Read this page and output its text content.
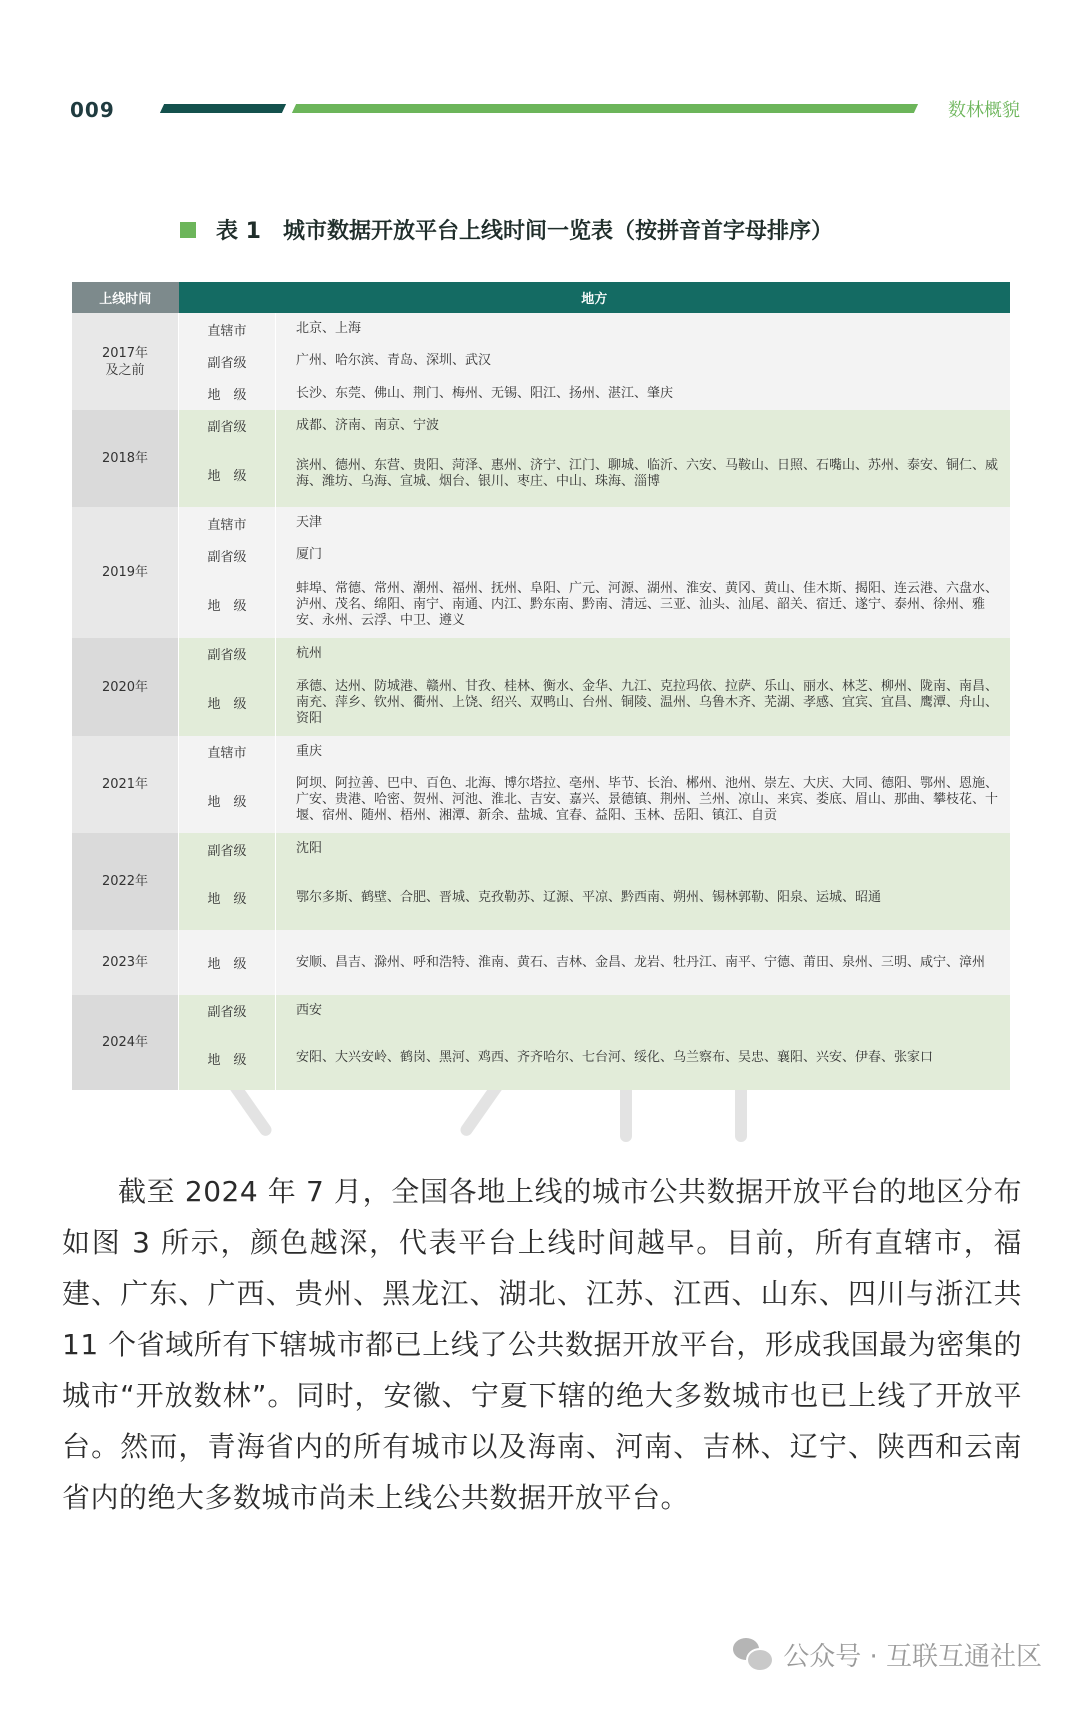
009	数林概貌
表 1 城市数据开放平台上线时间一览表（按拼音首字母排序）
上线时间	地方	

2017年
及之前	直辖市	北京、上海
	副省级	广州、哈尔滨、青岛、深圳、武汉
	地　级	长沙、东莞、佛山、荆门、梅州、无锡、阳江、扬州、湛江、肇庆
2018年	副省级	成都、济南、南京、宁波
	地　级	滨州、德州、东营、贵阳、菏泽、惠州、济宁、江门、聊城、临沂、六安、马鞍山、日照、石嘴山、苏州、泰安、铜仁、威海、潍坊、乌海、宣城、烟台、银川、枣庄、中山、珠海、淄博
2019年	直辖市	天津
	副省级	厦门
	地　级	蚌埠、常德、常州、潮州、福州、抚州、阜阳、广元、河源、湖州、淮安、黄冈、黄山、佳木斯、揭阳、连云港、六盘水、泸州、茂名、绵阳、南宁、南通、内江、黔东南、黔南、清远、三亚、汕头、汕尾、韶关、宿迁、遂宁、泰州、徐州、雅安、永州、云浮、中卫、遵义
2020年	副省级	杭州
	地　级	承德、达州、防城港、赣州、甘孜、桂林、衡水、金华、九江、克拉玛依、拉萨、乐山、丽水、林芝、柳州、陇南、南昌、南充、萍乡、钦州、衢州、上饶、绍兴、双鸭山、台州、铜陵、温州、乌鲁木齐、芜湖、孝感、宜宾、宜昌、鹰潭、舟山、资阳
2021年	直辖市	重庆
	地　级	阿坝、阿拉善、巴中、百色、北海、博尔塔拉、亳州、毕节、长治、郴州、池州、崇左、大庆、大同、德阳、鄂州、恩施、广安、贵港、哈密、贺州、河池、淮北、吉安、嘉兴、景德镇、荆州、兰州、凉山、来宾、娄底、眉山、那曲、攀枝花、十堰、宿州、随州、梧州、湘潭、新余、盐城、宜春、益阳、玉林、岳阳、镇江、自贡
2022年	副省级	沈阳
	地　级	鄂尔多斯、鹤壁、合肥、晋城、克孜勒苏、辽源、平凉、黔西南、朔州、锡林郭勒、阳泉、运城、昭通
2023年	地　级	安顺、昌吉、滁州、呼和浩特、淮南、黄石、吉林、金昌、龙岩、牡丹江、南平、宁德、莆田、泉州、三明、咸宁、漳州
2024年	副省级	西安
	地　级	安阳、大兴安岭、鹤岗、黑河、鸡西、齐齐哈尔、七台河、绥化、乌兰察布、吴忠、襄阳、兴安、伊春、张家口
截至 2024 年 7 月，全国各地上线的城市公共数据开放平台的地区分布如图 3 所示，颜色越深，代表平台上线时间越早。目前，所有直辖市，福建、广东、广西、贵州、黑龙江、湖北、江苏、江西、山东、四川与浙江共 11 个省域所有下辖城市都已上线了公共数据开放平台，形成我国最为密集的城市“开放数林”。同时，安徽、宁夏下辖的绝大多数城市也已上线了开放平台。然而，青海省内的所有城市以及海南、河南、吉林、辽宁、陕西和云南省内的绝大多数城市尚未上线公共数据开放平台。
公众号 · 互联互通社区
